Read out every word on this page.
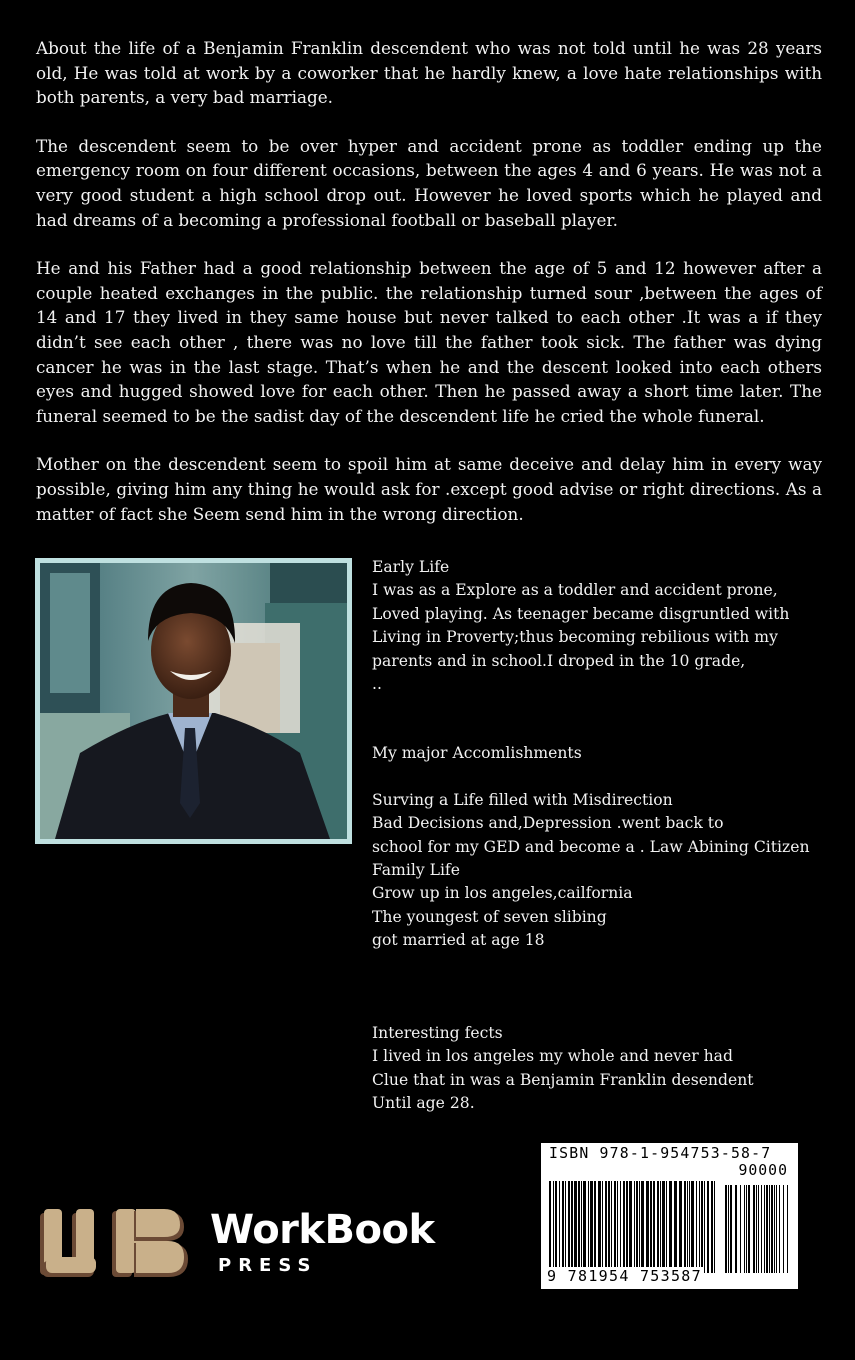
About the life of a Benjamin Franklin descendent who was not told until he was 28 years old, He was told at work by a coworker that he hardly knew, a love hate relationships with both parents, a very bad marriage.

The descendent seem to be over hyper and accident prone as toddler ending up the emergency room on four different occasions, between the ages 4 and 6 years. He was not a very good student a high school drop out. However he loved sports which he played and had dreams of a becoming a professional football or baseball player.

He and his Father had a good relationship between the age of 5 and 12 however after a couple heated exchanges in the public. the relationship turned sour ,between the ages of 14 and 17 they lived in they same house but never talked to each other .It was a if they didn’t see each other , there was no love till the father took sick. The father was dying cancer he was in the last stage. That’s when he and the descent looked into each others eyes and hugged showed love for each other. Then he passed away a short time later. The funeral seemed to be the sadist day of the descendent life he cried the whole funeral.

Mother on the descendent seem to spoil him at same deceive and delay him in every way possible, giving him any thing he would ask for .except good advise or right directions. As a matter of fact she Seem send him in the wrong direction.

Early Life
I was as a Explore as a toddler and accident prone,
Loved playing. As teenager became disgruntled with
Living in Proverty;thus becoming rebilious with my
parents and in school.I droped in the 10 grade,
..
My major Accomlishments
Surving a Life filled with Misdirection
Bad Decisions and,Depression .went back to
school for my GED and become a . Law Abining Citizen
Family Life
Grow up in los angeles,cailfornia
The youngest of seven slibing
got married at age 18
Interesting fects
I lived in los angeles my whole and never had
Clue that in was a Benjamin Franklin desendent
Until age 28.
WorkBook
PRESS
ISBN 978-1-954753-58-7
90000
9 781954 753587
